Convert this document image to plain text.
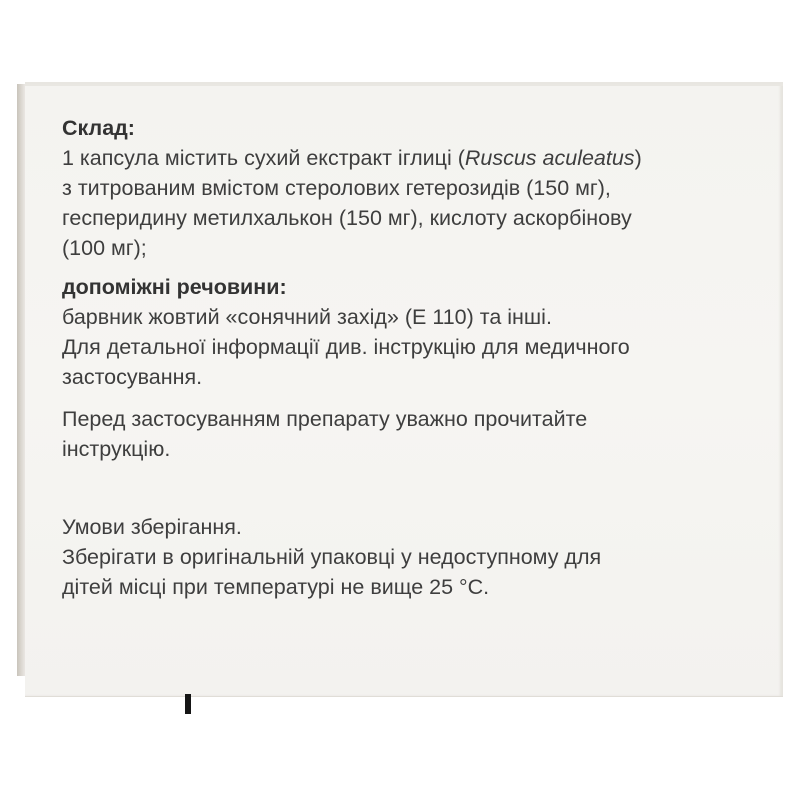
Склад:

1 капсула містить сухий екстракт іглиці (Ruscus aculeatus)

з титрованим вмістом стеролових гетерозидів (150 мг),

гесперидину метилхалькон (150 мг), кислоту аскорбінову

(100 мг);

допоміжні речовини:

барвник жовтий «сонячний захід» (Е 110) та інші.

Для детальної інформації див. інструкцію для медичного

застосування.

Перед застосуванням препарату уважно прочитайте

інструкцію.

Умови зберігання.

Зберігати в оригінальній упаковці у недоступному для

дітей місці при температурі не вище 25 °С.
